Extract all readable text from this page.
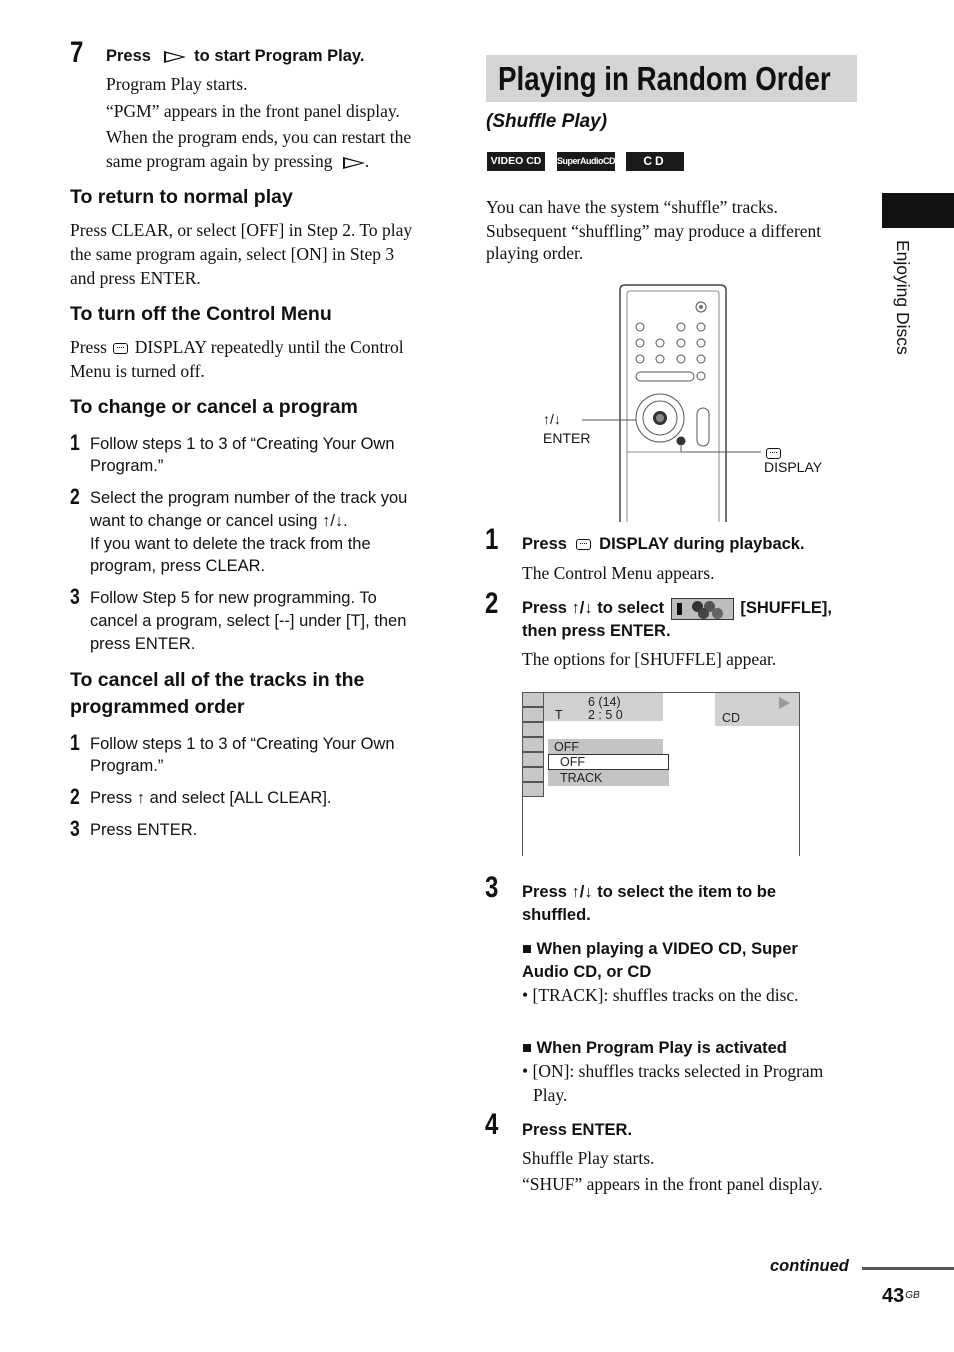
7 Press	to start Program Play.
Program Play starts.
“PGM” appears in the front panel display.
When the program ends, you can restart the
same program again by pressing .
To return to normal play
Press CLEAR, or select [OFF] in Step 2. To play
the same program again, select [ON] in Step 3
and press ENTER.
To turn off the Control Menu
Press DISPLAY repeatedly until the Control
Menu is turned off.
To change or cancel a program
1 Follow steps 1 to 3 of “Creating Your Own
Program.”
2 Select the program number of the track you
want to change or cancel using ↑/↓.
If you want to delete the track from the
program, press CLEAR.
3 Follow Step 5 for new programming. To
cancel a program, select [--] under [T], then
press ENTER.
To cancel all of the tracks in the
programmed order
1 Follow steps 1 to 3 of “Creating Your Own
Program.”
2 Press ↑ and select [ALL CLEAR].
3 Press ENTER.
Playing in Random Order
(Shuffle Play)
VIDEO CD	SuperAudioCD	CD
You can have the system “shuffle” tracks.
Subsequent “shuffling” may produce a different
playing order.
↑/↓
ENTER
DISPLAY
1 Press DISPLAY during playback.
The Control Menu appears.
2 Press ↑/↓ to select	[SHUFFLE],
then press ENTER.
The options for [SHUFFLE] appear.
6 (14)
T 2 : 5 0	CD
OFF
OFF
TRACK
3 Press ↑/↓ to select the item to be
shuffled.
■ When playing a VIDEO CD, Super
Audio CD, or CD
• [TRACK]: shuffles tracks on the disc.
■ When Program Play is activated
• [ON]: shuffles tracks selected in Program
Play.
4 Press ENTER.
Shuffle Play starts.
“SHUF” appears in the front panel display.
Enjoying Discs
continued
$43^{GB}$
